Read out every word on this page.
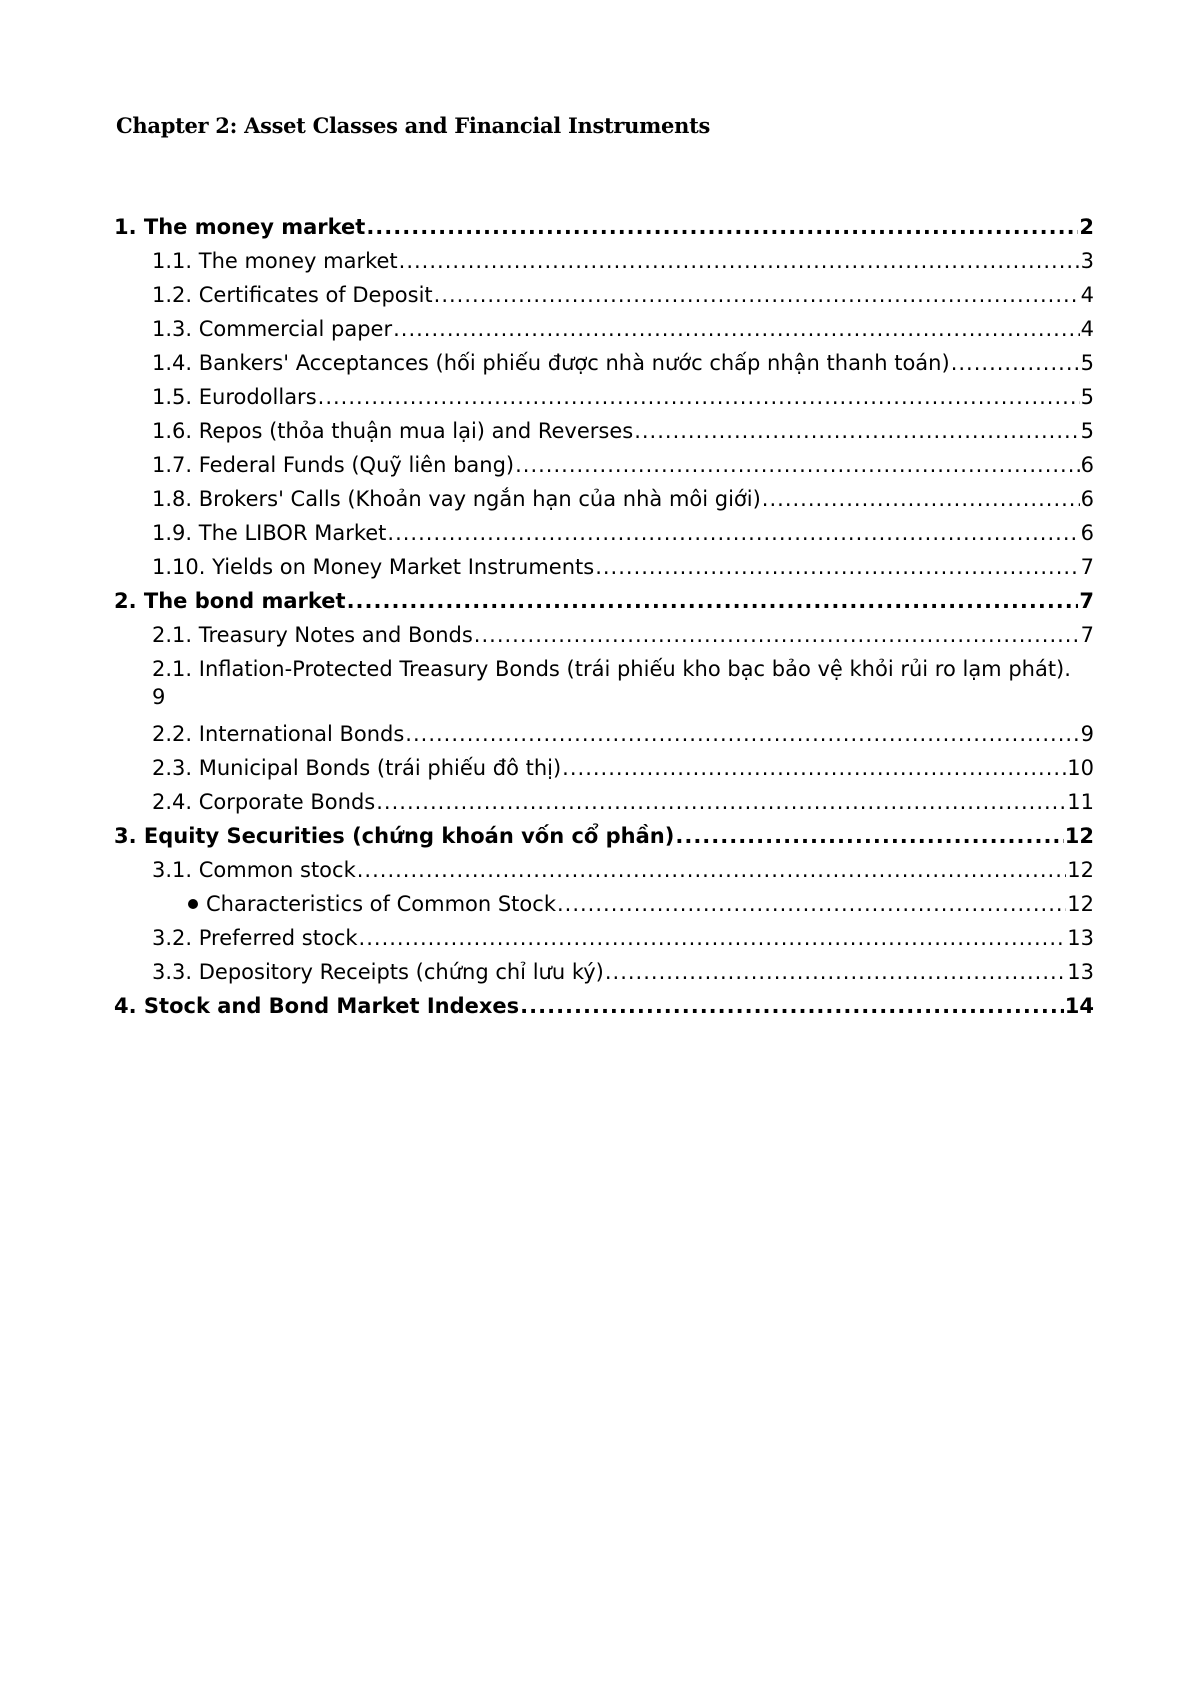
Chapter 2: Asset Classes and Financial Instruments
1. The money market .....	2
1.1. The money market .....	3
1.2. Certificates of Deposit .....	4
1.3. Commercial paper .....	4
1.4. Bankers' Acceptances (hối phiếu được nhà nước chấp nhận thanh toán) .....	5
1.5. Eurodollars .....	5
1.6. Repos (thỏa thuận mua lại) and Reverses .....	5
1.7. Federal Funds (Quỹ liên bang) .....	6
1.8. Brokers' Calls (Khoản vay ngắn hạn của nhà môi giới) .....	6
1.9. The LIBOR Market .....	6
1.10. Yields on Money Market Instruments .....	7
2. The bond market .....	7
2.1. Treasury Notes and Bonds .....	7
2.1. Inflation-Protected Treasury Bonds (trái phiếu kho bạc bảo vệ khỏi rủi ro lạm phát).
9
2.2. International Bonds .....	9
2.3. Municipal Bonds (trái phiếu đô thị) .....	10
2.4. Corporate Bonds .....	11
3. Equity Securities (chứng khoán vốn cổ phần) .....	12
3.1. Common stock .....	12
Characteristics of Common Stock .....	12
3.2. Preferred stock .....	13
3.3. Depository Receipts (chứng chỉ lưu ký) .....	13
4. Stock and Bond Market Indexes .....	14
